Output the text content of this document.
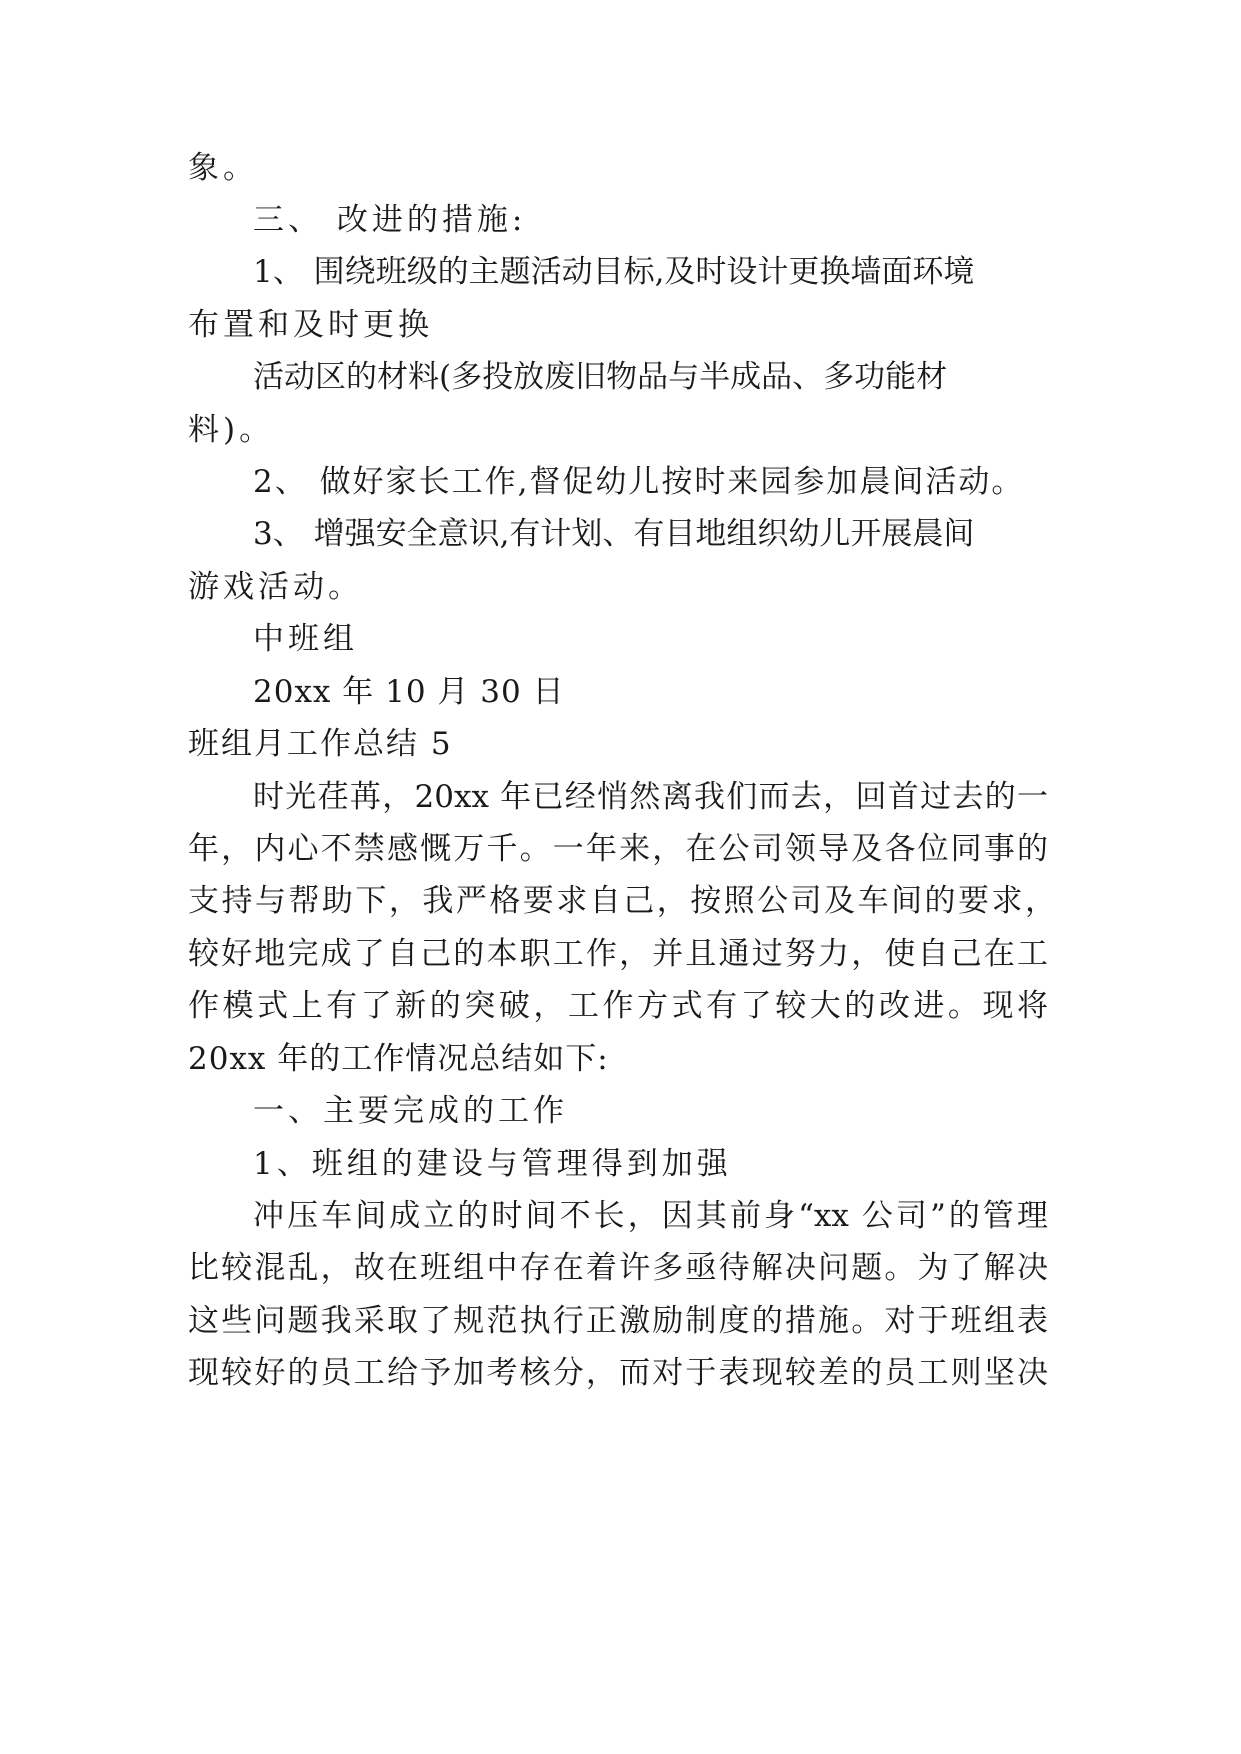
象。
三、 改进的措施:
1、 围绕班级的主题活动目标,及时设计更换墙面环境
布置和及时更换
活动区的材料(多投放废旧物品与半成品、多功能材
料)。
2、 做好家长工作,督促幼儿按时来园参加晨间活动。
3、 增强安全意识,有计划、有目地组织幼儿开展晨间
游戏活动。
中班组
20xx 年 10 月 30 日
班组月工作总结 5
时光荏苒，20xx 年已经悄然离我们而去，回首过去的一
年，内心不禁感慨万千。一年来，在公司领导及各位同事的
支持与帮助下，我严格要求自己，按照公司及车间的要求，
较好地完成了自己的本职工作，并且通过努力，使自己在工
作模式上有了新的突破，工作方式有了较大的改进。现将
20xx 年的工作情况总结如下:
一、主要完成的工作
1、班组的建设与管理得到加强
冲压车间成立的时间不长，因其前身“xx 公司”的管理
比较混乱，故在班组中存在着许多亟待解决问题。为了解决
这些问题我采取了规范执行正激励制度的措施。对于班组表
现较好的员工给予加考核分，而对于表现较差的员工则坚决
